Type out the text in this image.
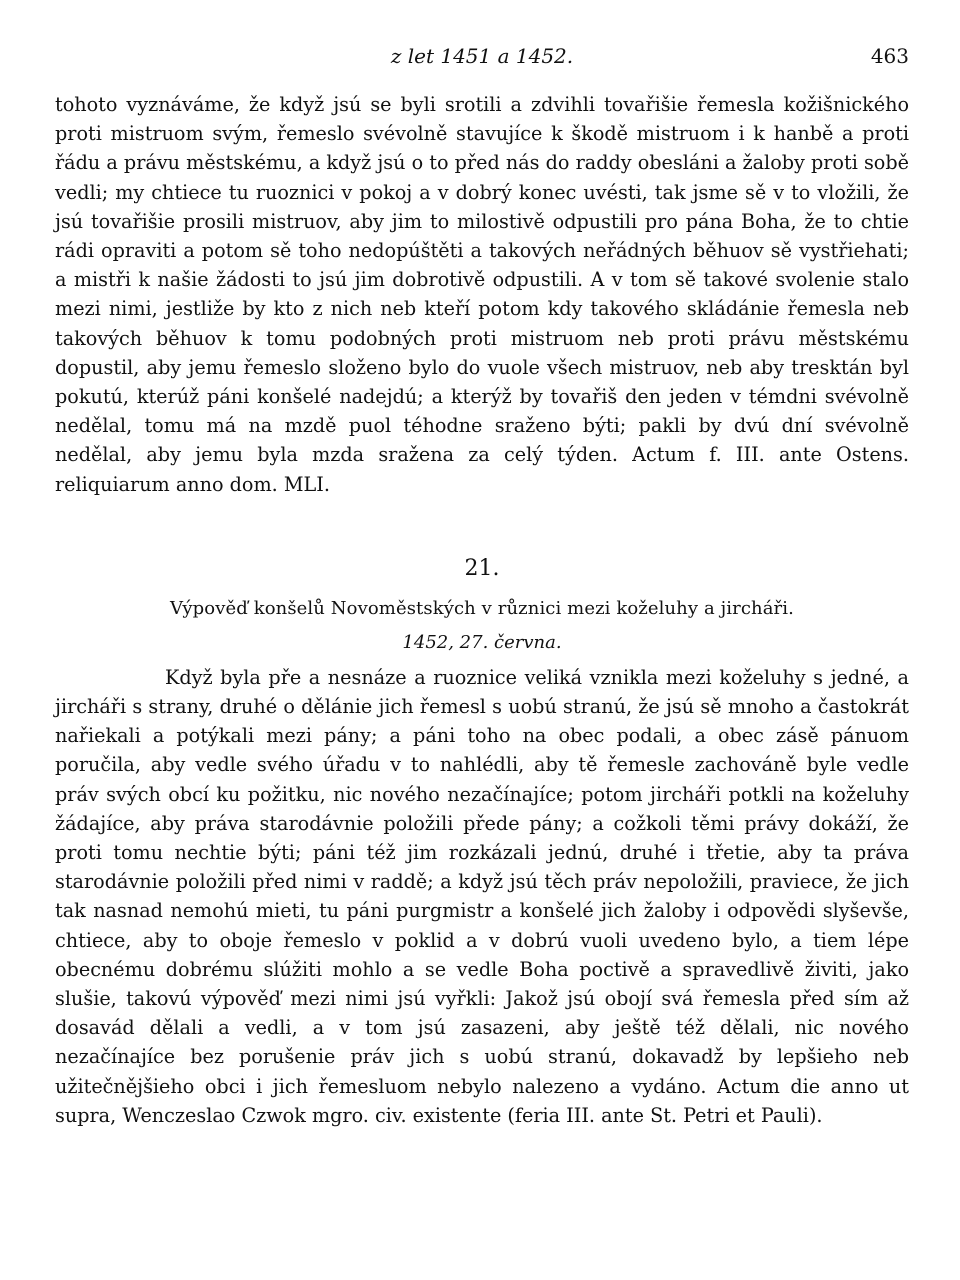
z let 1451 a 1452.	463

tohoto vyznáváme, že když jsú se byli srotili a zdvihli tovařišie řemesla kožišnického proti mistruom svým, řemeslo svévolně stavujíce k škodě mistruom i k hanbě a proti řádu a právu městskému, a když jsú o to před nás do raddy obesláni a žaloby proti sobě vedli; my chtiece tu ruoznici v pokoj a v dobrý konec uvésti, tak jsme sě v to vložili, že jsú tovařišie prosili mistruov, aby jim to milostivě odpustili pro pána Boha, že to chtie rádi opraviti a potom sě toho nedopúštěti a takových neřádných běhuov sě vystřiehati; a mistři k našie žádosti to jsú jim dobrotivě odpustili. A v tom sě takové svolenie stalo mezi nimi, jestliže by kto z nich neb kteří potom kdy takového skládánie řemesla neb takových běhuov k tomu podobných proti mistruom neb proti právu městskému dopustil, aby jemu řemeslo složeno bylo do vuole všech mistruov, neb aby tresktán byl pokutú, kterúž páni konšelé nadejdú; a kterýž by tovařiš den jeden v témdni svévolně nedělal, tomu má na mzdě puol téhodne sraženo býti; pakli by dvú dní svévolně nedělal, aby jemu byla mzda sražena za celý týden. Actum f. III. ante Ostens. reliquiarum anno dom. MLI.

21.
Výpověď konšelů Novoměstských v různici mezi koželuhy a jircháři.
1452, 27. června.

Když byla pře a nesnáze a ruoznice veliká vznikla mezi koželuhy s jedné, a jircháři s strany, druhé o dělánie jich řemesl s uobú stranú, že jsú sě mnoho a častokrát nařiekali a potýkali mezi pány; a páni toho na obec podali, a obec zásě pánuom poručila, aby vedle svého úřadu v to nahlédli, aby tě řemesle zachováně byle vedle práv svých obcí ku požitku, nic nového nezačínajíce; potom jircháři potkli na koželuhy žádajíce, aby práva starodávnie položili přede pány; a cožkoli těmi právy dokáží, že proti tomu nechtie býti; páni též jim rozkázali jednú, druhé i třetie, aby ta práva starodávnie položili před nimi v raddě; a když jsú těch práv nepoložili, praviece, že jich tak nasnad nemohú mieti, tu páni purgmistr a konšelé jich žaloby i odpovědi slyševše, chtiece, aby to oboje řemeslo v poklid a v dobrú vuoli uvedeno bylo, a tiem lépe obecnému dobrému slúžiti mohlo a se vedle Boha poctivě a spravedlivě živiti, jako slušie, takovú výpověď mezi nimi jsú vyřkli: Jakož jsú obojí svá řemesla před sím až dosavád dělali a vedli, a v tom jsú zasazeni, aby ještě též dělali, nic nového nezačínajíce bez porušenie práv jich s uobú stranú, dokavadž by lepšieho neb užitečnějšieho obci i jich řemesluom nebylo nalezeno a vydáno. Actum die anno ut supra, Wenczeslao Czwok mgro. civ. existente (feria III. ante St. Petri et Pauli).
